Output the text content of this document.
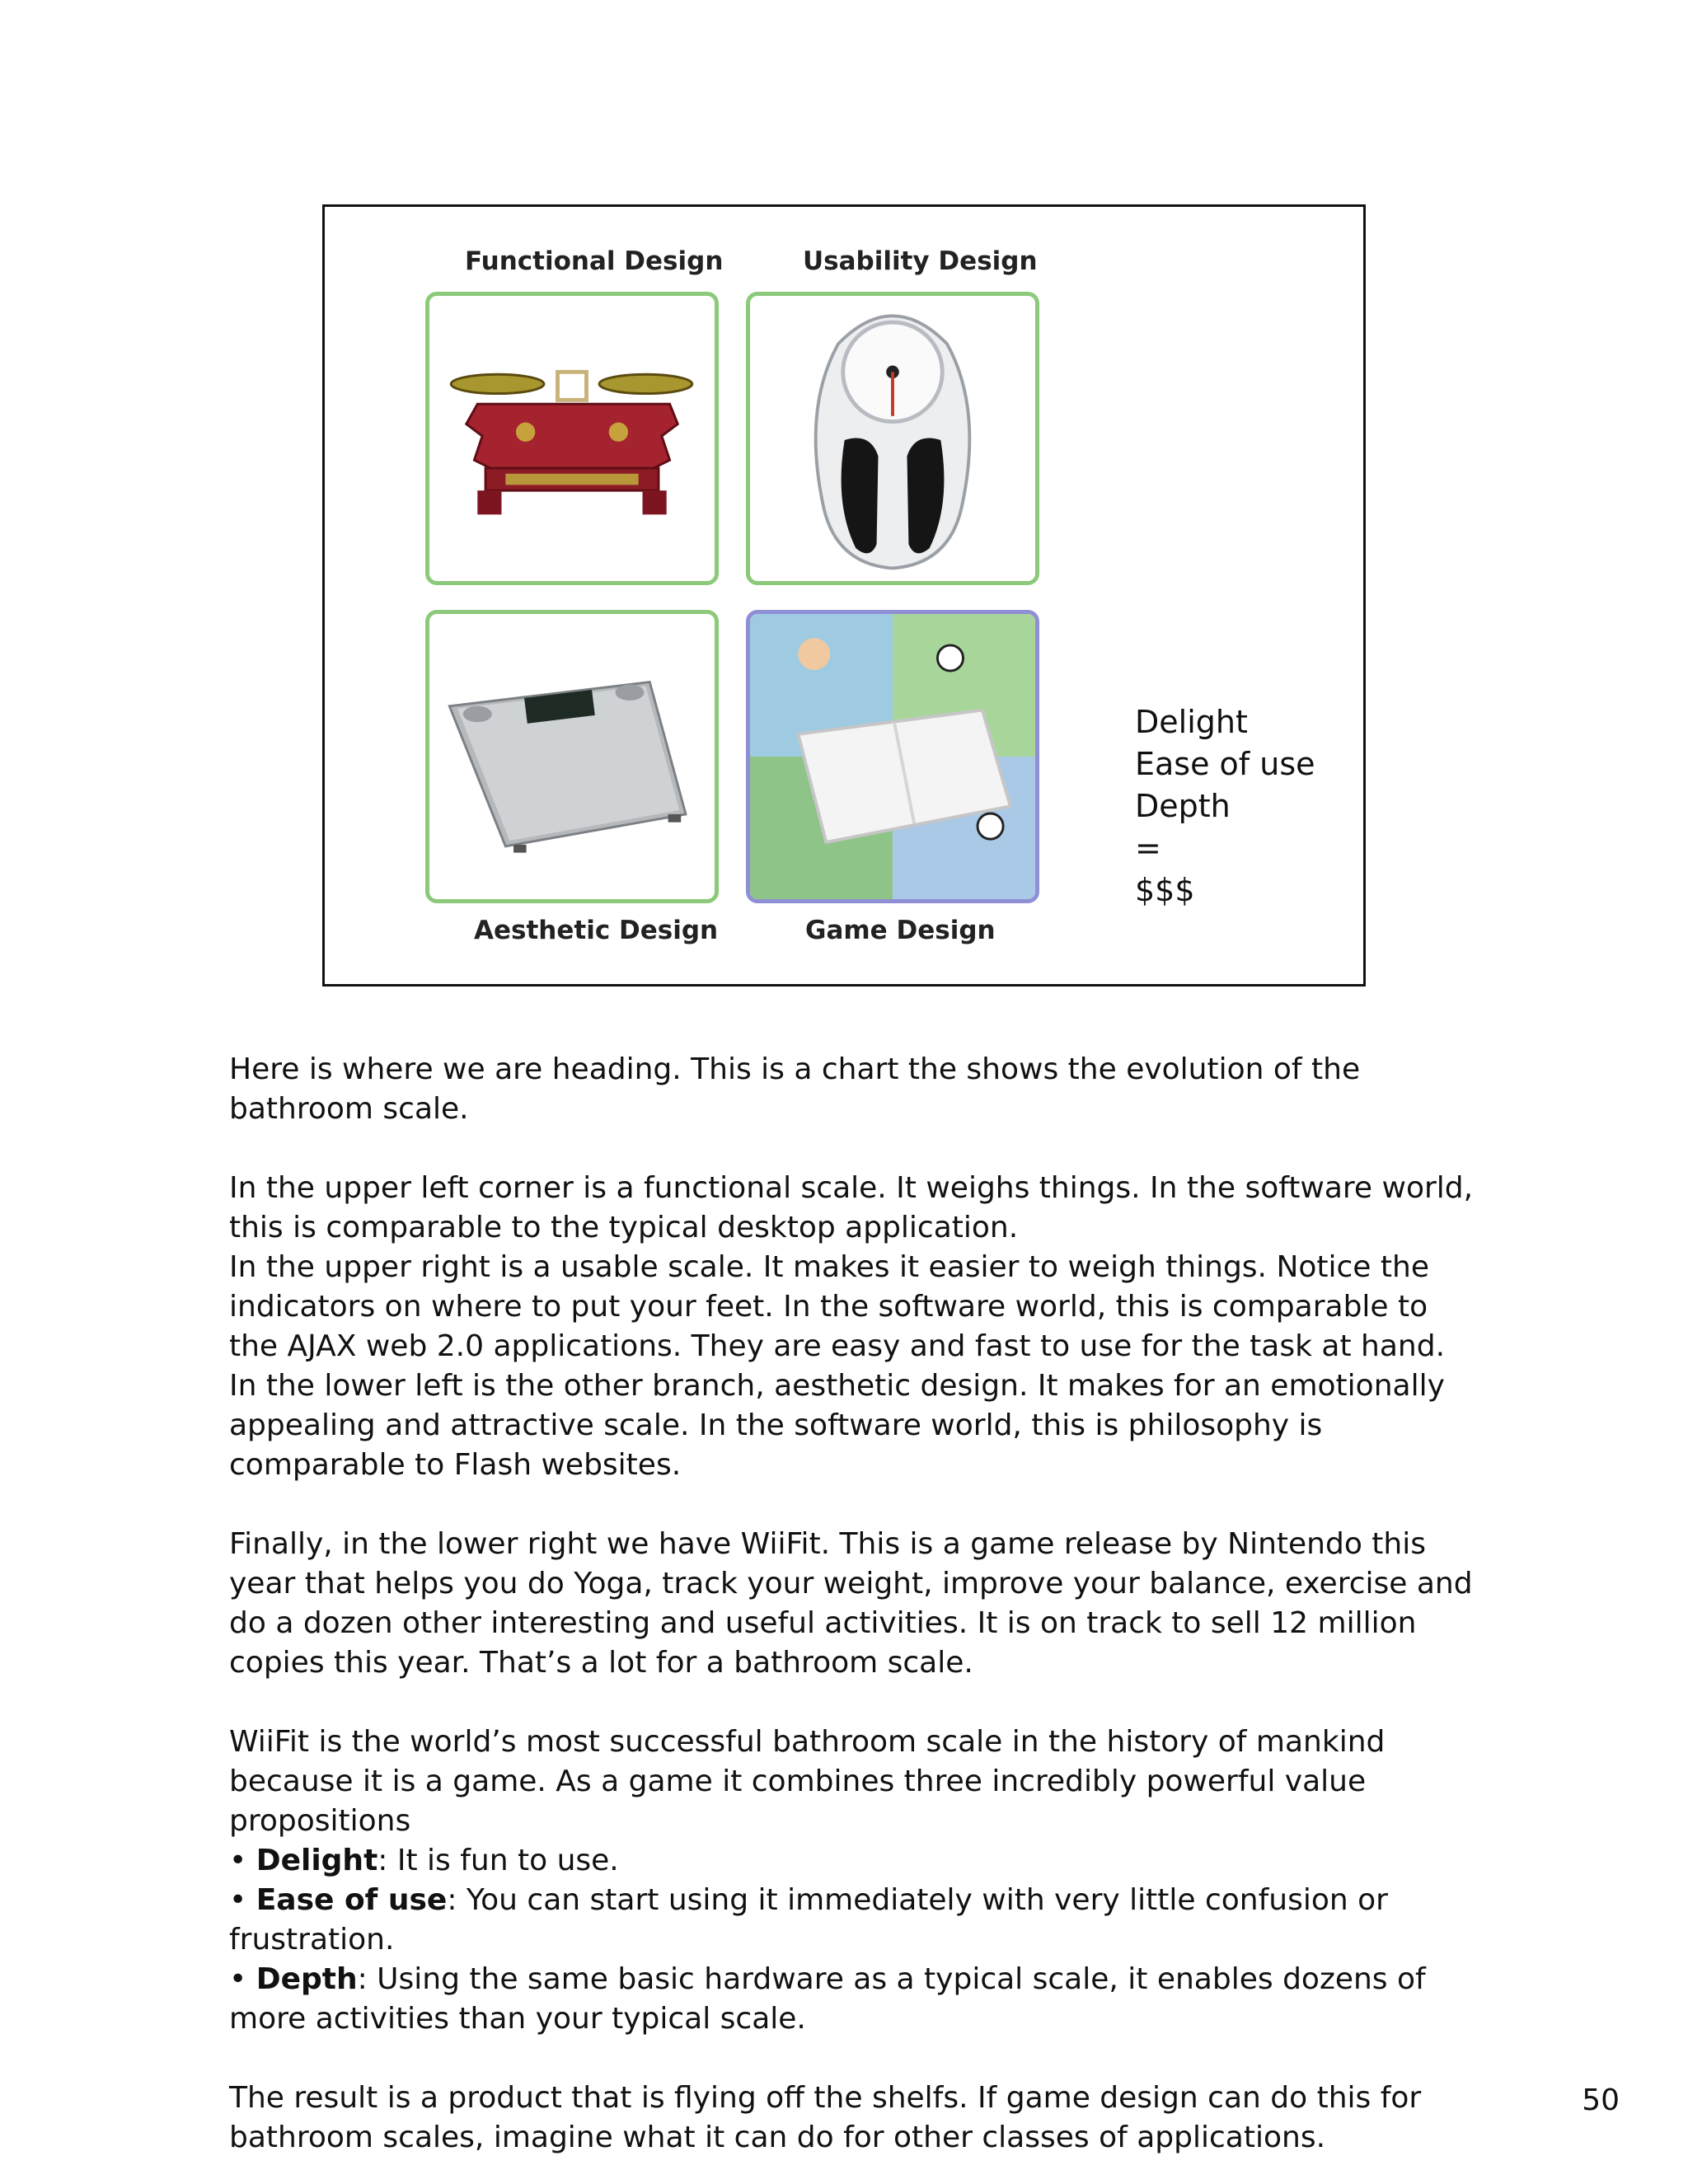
Functional Design	Usability Design
Aesthetic Design	Game Design
Delight
Ease of use
Depth
=
$$$

Here is where we are heading. This is a chart the shows the evolution of the bathroom scale.

In the upper left corner is a functional scale. It weighs things. In the software world, this is comparable to the typical desktop application.

In the upper right is a usable scale. It makes it easier to weigh things. Notice the indicators on where to put your feet. In the software world, this is comparable to the AJAX web 2.0 applications. They are easy and fast to use for the task at hand.

In the lower left is the other branch, aesthetic design. It makes for an emotionally appealing and attractive scale. In the software world, this is philosophy is comparable to Flash websites.

Finally, in the lower right we have WiiFit. This is a game release by Nintendo this year that helps you do Yoga, track your weight, improve your balance, exercise and do a dozen other interesting and useful activities. It is on track to sell 12 million copies this year. That’s a lot for a bathroom scale.

WiiFit is the world’s most successful bathroom scale in the history of mankind because it is a game. As a game it combines three incredibly powerful value propositions

• Delight: It is fun to use.

• Ease of use: You can start using it immediately with very little confusion or frustration.

• Depth: Using the same basic hardware as a typical scale, it enables dozens of more activities than your typical scale.

The result is a product that is flying off the shelfs. If game design can do this for bathroom scales, imagine what it can do for other classes of applications.

50
